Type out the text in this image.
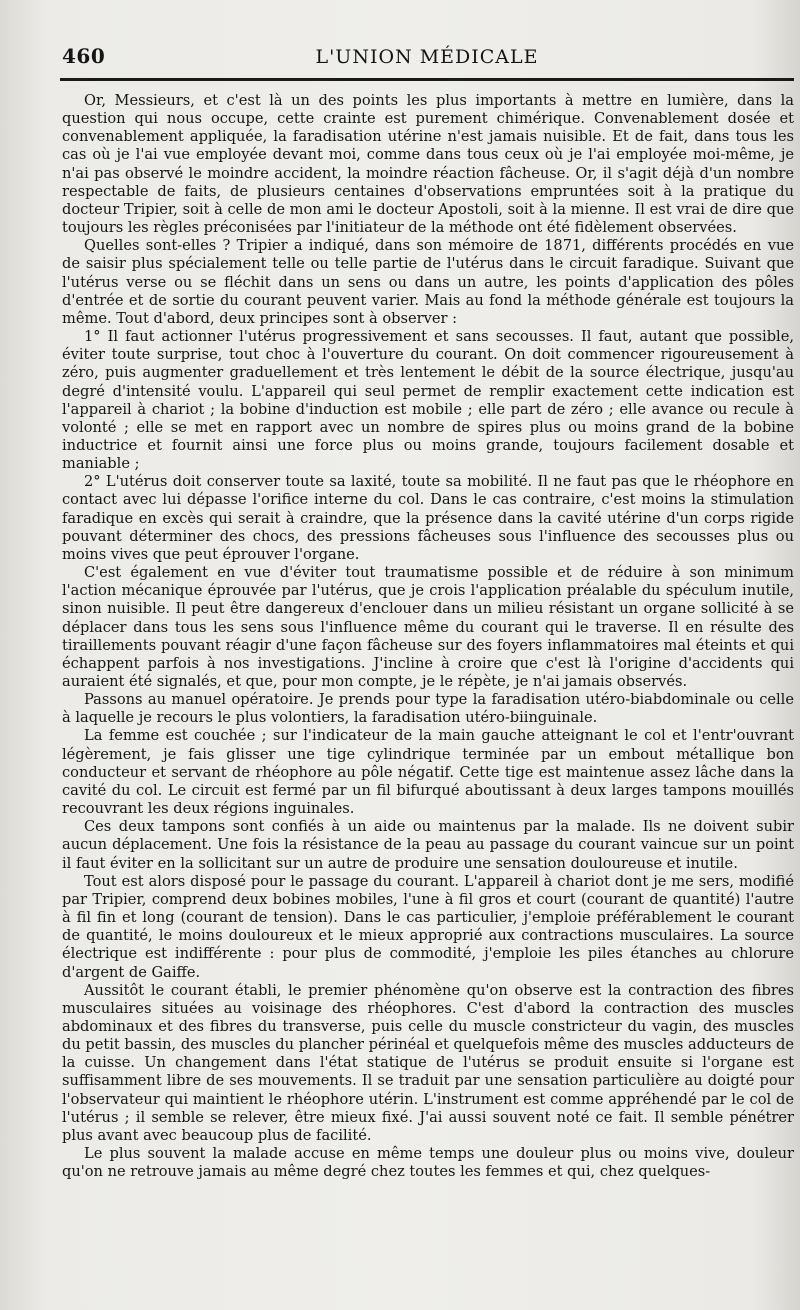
460	L'UNION MÉDICALE

Or, Messieurs, et c'est là un des points les plus importants à mettre en lumière, dans la question qui nous occupe, cette crainte est purement chimérique. Convenablement dosée et convenablement appliquée, la faradisation utérine n'est jamais nuisible. Et de fait, dans tous les cas où je l'ai vue employée devant moi, comme dans tous ceux où je l'ai employée moi-même, je n'ai pas observé le moindre accident, la moindre réaction fâcheuse. Or, il s'agit déjà d'un nombre respectable de faits, de plusieurs centaines d'observations empruntées soit à la pratique du docteur Tripier, soit à celle de mon ami le docteur Apostoli, soit à la mienne. Il est vrai de dire que toujours les règles préconisées par l'initiateur de la méthode ont été fidèlement observées.

Quelles sont-elles ? Tripier a indiqué, dans son mémoire de 1871, différents procédés en vue de saisir plus spécialement telle ou telle partie de l'utérus dans le circuit faradique. Suivant que l'utérus verse ou se fléchit dans un sens ou dans un autre, les points d'application des pôles d'entrée et de sortie du courant peuvent varier. Mais au fond la méthode générale est toujours la même. Tout d'abord, deux principes sont à observer :

1° Il faut actionner l'utérus progressivement et sans secousses. Il faut, autant que possible, éviter toute surprise, tout choc à l'ouverture du courant. On doit commencer rigoureusement à zéro, puis augmenter graduellement et très lentement le débit de la source électrique, jusqu'au degré d'intensité voulu. L'appareil qui seul permet de remplir exactement cette indication est l'appareil à chariot ; la bobine d'induction est mobile ; elle part de zéro ; elle avance ou recule à volonté ; elle se met en rapport avec un nombre de spires plus ou moins grand de la bobine inductrice et fournit ainsi une force plus ou moins grande, toujours facilement dosable et maniable ;

2° L'utérus doit conserver toute sa laxité, toute sa mobilité. Il ne faut pas que le rhéophore en contact avec lui dépasse l'orifice interne du col. Dans le cas contraire, c'est moins la stimulation faradique en excès qui serait à craindre, que la présence dans la cavité utérine d'un corps rigide pouvant déterminer des chocs, des pressions fâcheuses sous l'influence des secousses plus ou moins vives que peut éprouver l'organe.

C'est également en vue d'éviter tout traumatisme possible et de réduire à son minimum l'action mécanique éprouvée par l'utérus, que je crois l'application préalable du spéculum inutile, sinon nuisible. Il peut être dangereux d'enclouer dans un milieu résistant un organe sollicité à se déplacer dans tous les sens sous l'influence même du courant qui le traverse. Il en résulte des tiraillements pouvant réagir d'une façon fâcheuse sur des foyers inflammatoires mal éteints et qui échappent parfois à nos investigations. J'incline à croire que c'est là l'origine d'accidents qui auraient été signalés, et que, pour mon compte, je le répète, je n'ai jamais observés.

Passons au manuel opératoire. Je prends pour type la faradisation utéro-biabdominale ou celle à laquelle je recours le plus volontiers, la faradisation utéro-biinguinale.

La femme est couchée ; sur l'indicateur de la main gauche atteignant le col et l'entr'ouvrant légèrement, je fais glisser une tige cylindrique terminée par un embout métallique bon conducteur et servant de rhéophore au pôle négatif. Cette tige est maintenue assez lâche dans la cavité du col. Le circuit est fermé par un fil bifurqué aboutissant à deux larges tampons mouillés recouvrant les deux régions inguinales.

Ces deux tampons sont confiés à un aide ou maintenus par la malade. Ils ne doivent subir aucun déplacement. Une fois la résistance de la peau au passage du courant vaincue sur un point il faut éviter en la sollicitant sur un autre de produire une sensation douloureuse et inutile.

Tout est alors disposé pour le passage du courant. L'appareil à chariot dont je me sers, modifié par Tripier, comprend deux bobines mobiles, l'une à fil gros et court (courant de quantité) l'autre à fil fin et long (courant de tension). Dans le cas particulier, j'emploie préférablement le courant de quantité, le moins douloureux et le mieux approprié aux contractions musculaires. La source électrique est indifférente : pour plus de commodité, j'emploie les piles étanches au chlorure d'argent de Gaiffe.

Aussitôt le courant établi, le premier phénomène qu'on observe est la contraction des fibres musculaires situées au voisinage des rhéophores. C'est d'abord la contraction des muscles abdominaux et des fibres du transverse, puis celle du muscle constricteur du vagin, des muscles du petit bassin, des muscles du plancher périnéal et quelquefois même des muscles adducteurs de la cuisse. Un changement dans l'état statique de l'utérus se produit ensuite si l'organe est suffisamment libre de ses mouvements. Il se traduit par une sensation particulière au doigté pour l'observateur qui maintient le rhéophore utérin. L'instrument est comme appréhendé par le col de l'utérus ; il semble se relever, être mieux fixé. J'ai aussi souvent noté ce fait. Il semble pénétrer plus avant avec beaucoup plus de facilité.

Le plus souvent la malade accuse en même temps une douleur plus ou moins vive, douleur qu'on ne retrouve jamais au même degré chez toutes les femmes et qui, chez quelques-
